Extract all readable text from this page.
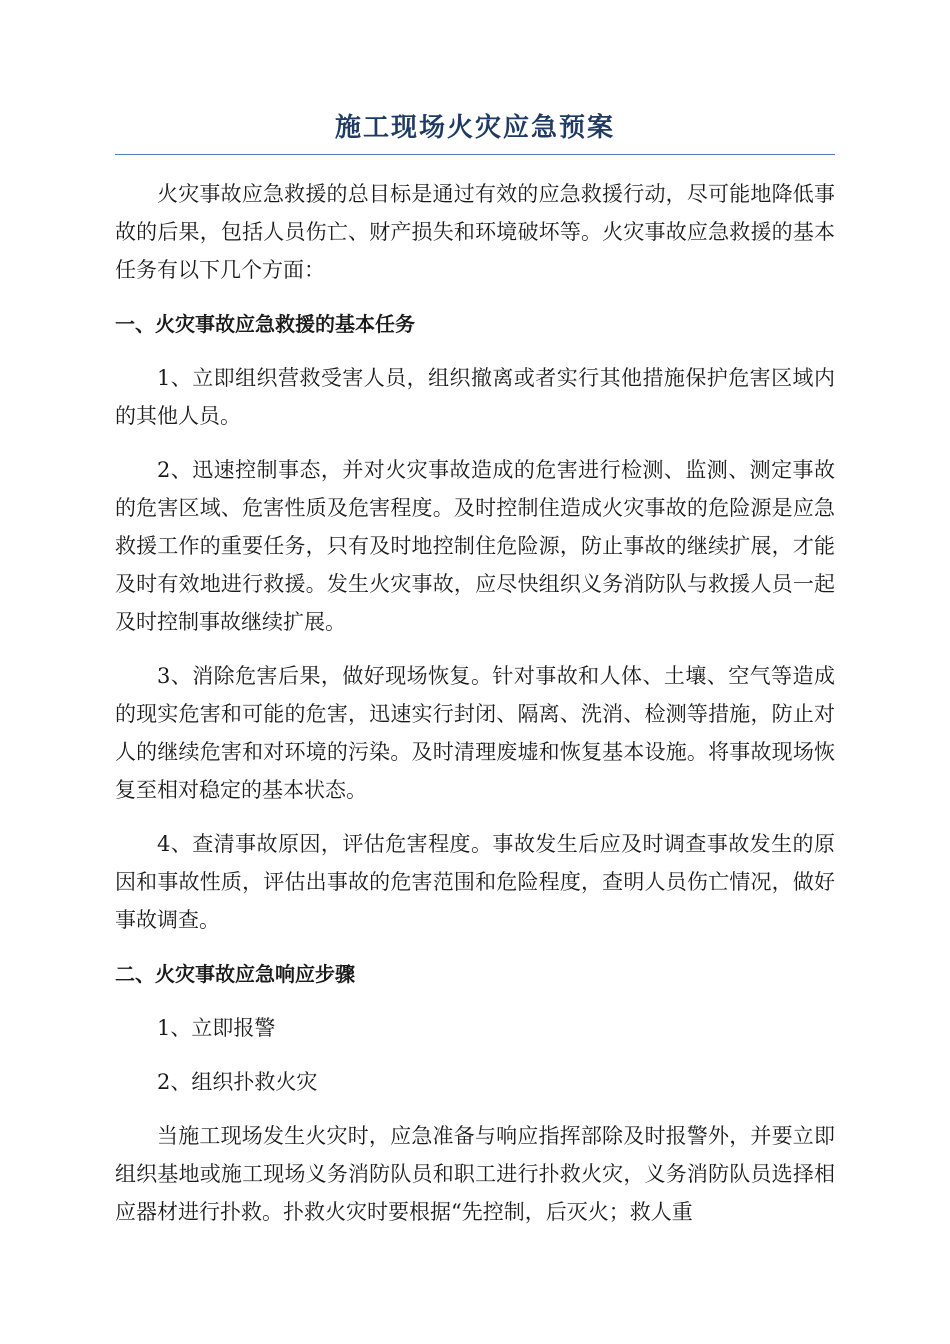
施工现场火灾应急预案

火灾事故应急救援的总目标是通过有效的应急救援行动，尽可能地降低事故的后果，包括人员伤亡、财产损失和环境破坏等。火灾事故应急救援的基本任务有以下几个方面：

一、火灾事故应急救援的基本任务

1、立即组织营救受害人员，组织撤离或者实行其他措施保护危害区域内的其他人员。

2、迅速控制事态，并对火灾事故造成的危害进行检测、监测、测定事故的危害区域、危害性质及危害程度。及时控制住造成火灾事故的危险源是应急救援工作的重要任务，只有及时地控制住危险源，防止事故的继续扩展，才能及时有效地进行救援。发生火灾事故，应尽快组织义务消防队与救援人员一起及时控制事故继续扩展。

3、消除危害后果，做好现场恢复。针对事故和人体、土壤、空气等造成的现实危害和可能的危害，迅速实行封闭、隔离、洗消、检测等措施，防止对人的继续危害和对环境的污染。及时清理废墟和恢复基本设施。将事故现场恢复至相对稳定的基本状态。

4、查清事故原因，评估危害程度。事故发生后应及时调查事故发生的原因和事故性质，评估出事故的危害范围和危险程度，查明人员伤亡情况，做好事故调查。

二、火灾事故应急响应步骤

1、立即报警

2、组织扑救火灾

当施工现场发生火灾时，应急准备与响应指挥部除及时报警外，并要立即组织基地或施工现场义务消防队员和职工进行扑救火灾，义务消防队员选择相应器材进行扑救。扑救火灾时要根据“先控制，后灭火；救人重
